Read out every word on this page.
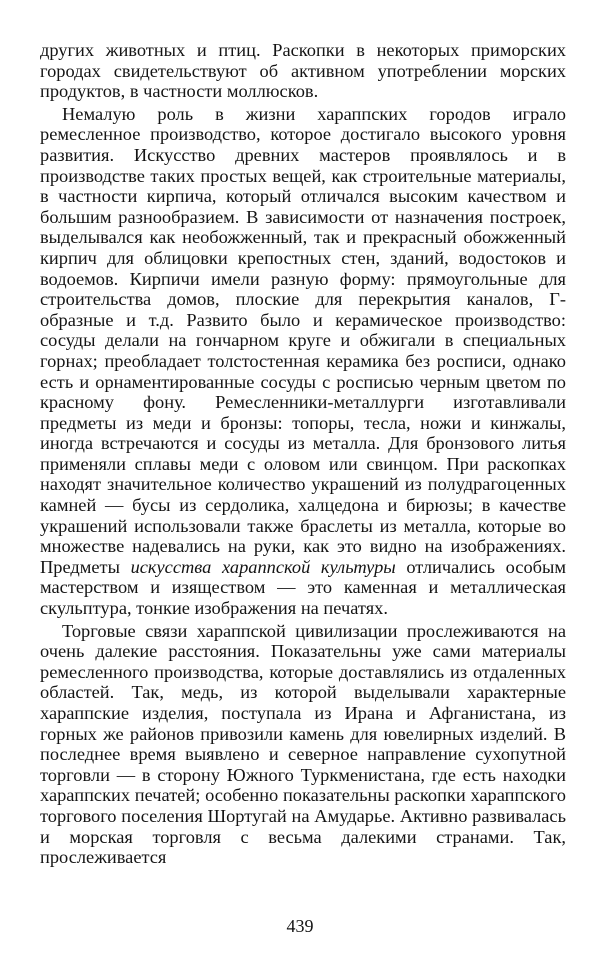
других животных и птиц. Раскопки в некоторых приморских городах свидетельствуют об активном употреблении морских продуктов, в частности моллюсков.

Немалую роль в жизни хараппских городов играло ремесленное производство, которое достигало высокого уровня развития. Искусство древних мастеров проявлялось и в производстве таких простых вещей, как строительные материалы, в частности кирпича, который отличался высоким качеством и большим разнообразием. В зависимости от назначения построек, выделывался как необожженный, так и прекрасный обожженный кирпич для облицовки крепостных стен, зданий, водостоков и водоемов. Кирпичи имели разную форму: прямоугольные для строительства домов, плоские для перекрытия каналов, Г-образные и т.д. Развито было и керамическое производство: сосуды делали на гончарном круге и обжигали в специальных горнах; преобладает толстостенная керамика без росписи, однако есть и орнаментированные сосуды с росписью черным цветом по красному фону. Ремесленники-металлурги изготавливали предметы из меди и бронзы: топоры, тесла, ножи и кинжалы, иногда встречаются и сосуды из металла. Для бронзового литья применяли сплавы меди с оловом или свинцом. При раскопках находят значительное количество украшений из полудрагоценных камней — бусы из сердолика, халцедона и бирюзы; в качестве украшений использовали также браслеты из металла, которые во множестве надевались на руки, как это видно на изображениях. Предметы искусства хараппской культуры отличались особым мастерством и изяществом — это каменная и металлическая скульптура, тонкие изображения на печатях.

Торговые связи хараппской цивилизации прослеживаются на очень далекие расстояния. Показательны уже сами материалы ремесленного производства, которые доставлялись из отдаленных областей. Так, медь, из которой выделывали характерные хараппские изделия, поступала из Ирана и Афганистана, из горных же районов привозили камень для ювелирных изделий. В последнее время выявлено и северное направление сухопутной торговли — в сторону Южного Туркменистана, где есть находки хараппских печатей; особенно показательны раскопки хараппского торгового поселения Шортугай на Амударье. Активно развивалась и морская торговля с весьма далекими странами. Так, прослеживается

439
